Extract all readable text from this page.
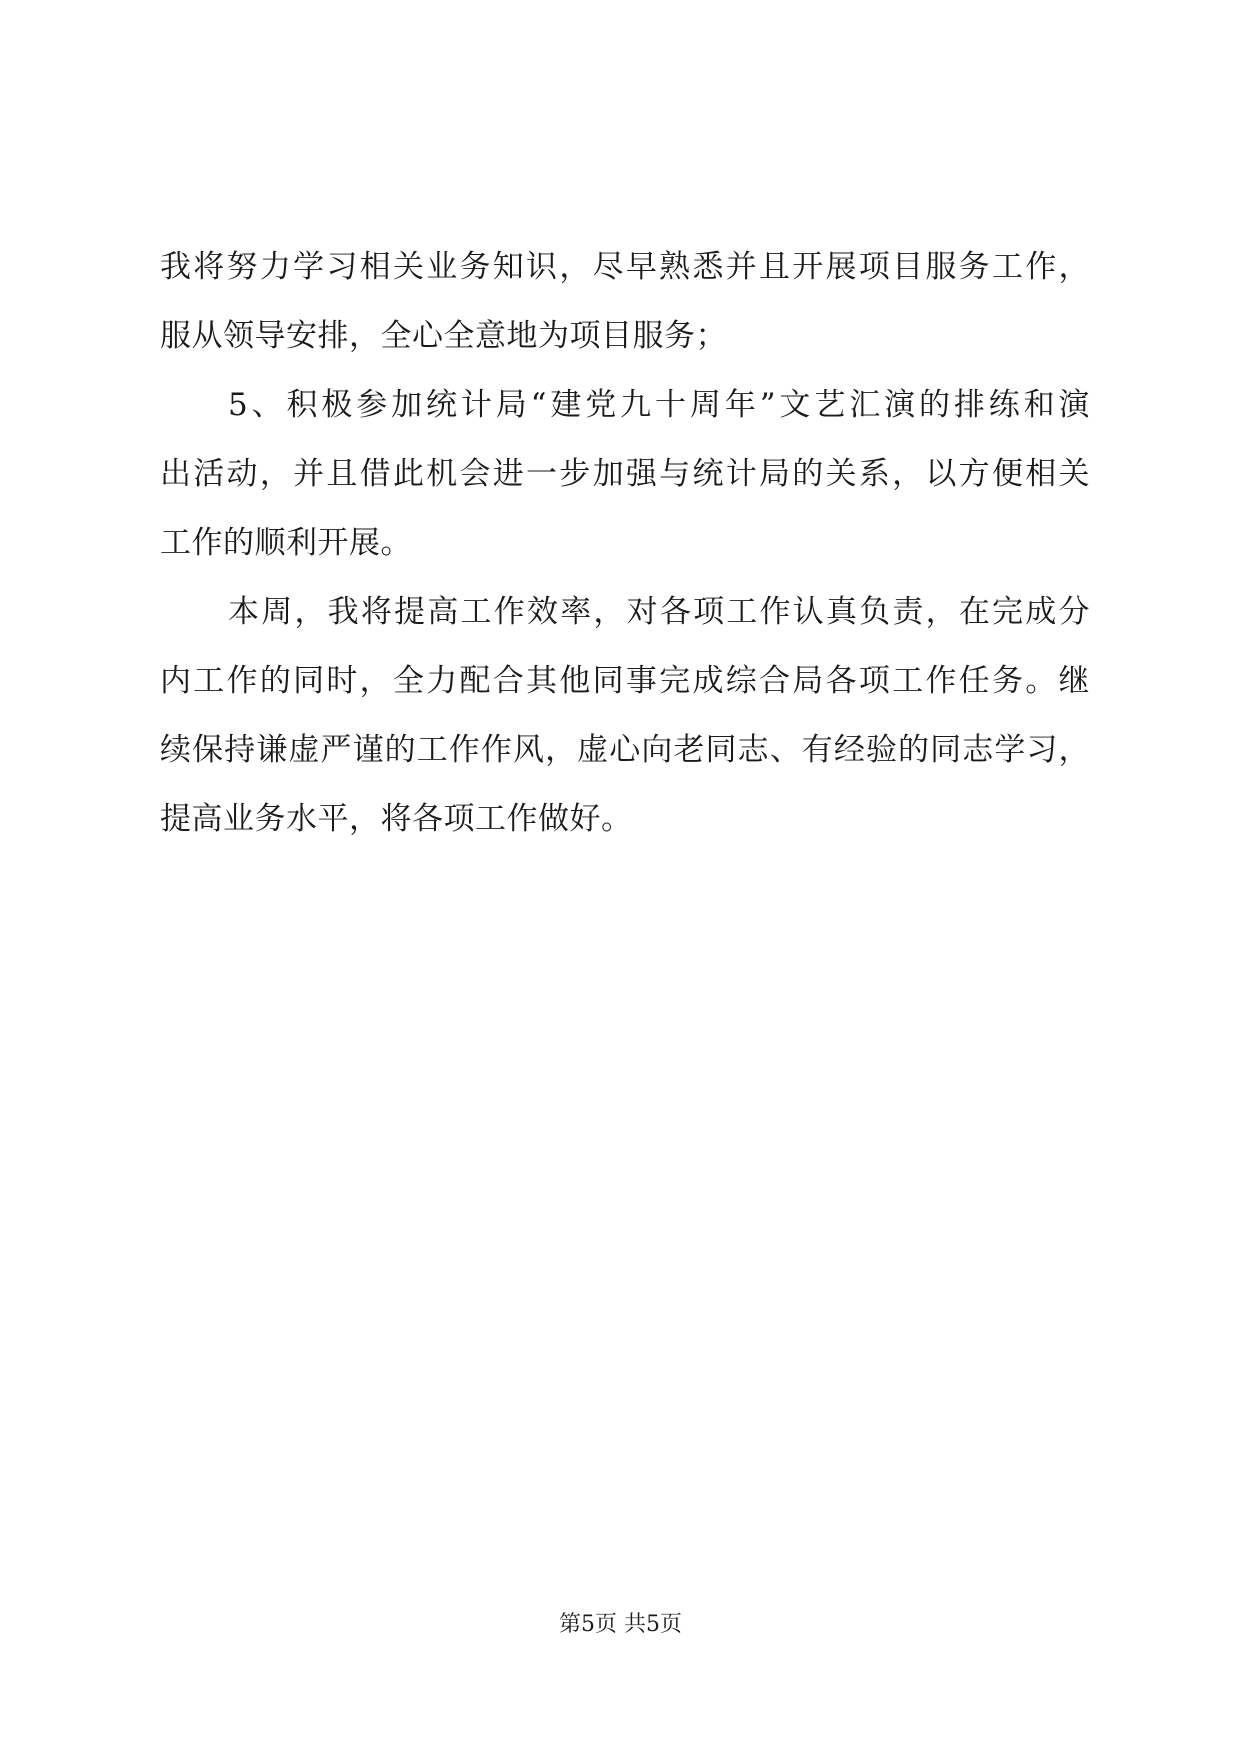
我将努力学习相关业务知识，尽早熟悉并且开展项目服务工作，
服从领导安排，全心全意地为项目服务；
5、积极参加统计局“建党九十周年”文艺汇演的排练和演
出活动，并且借此机会进一步加强与统计局的关系，以方便相关
工作的顺利开展。
本周，我将提高工作效率，对各项工作认真负责，在完成分
内工作的同时，全力配合其他同事完成综合局各项工作任务。继
续保持谦虚严谨的工作作风，虚心向老同志、有经验的同志学习，
提高业务水平，将各项工作做好。
第5页 共5页
